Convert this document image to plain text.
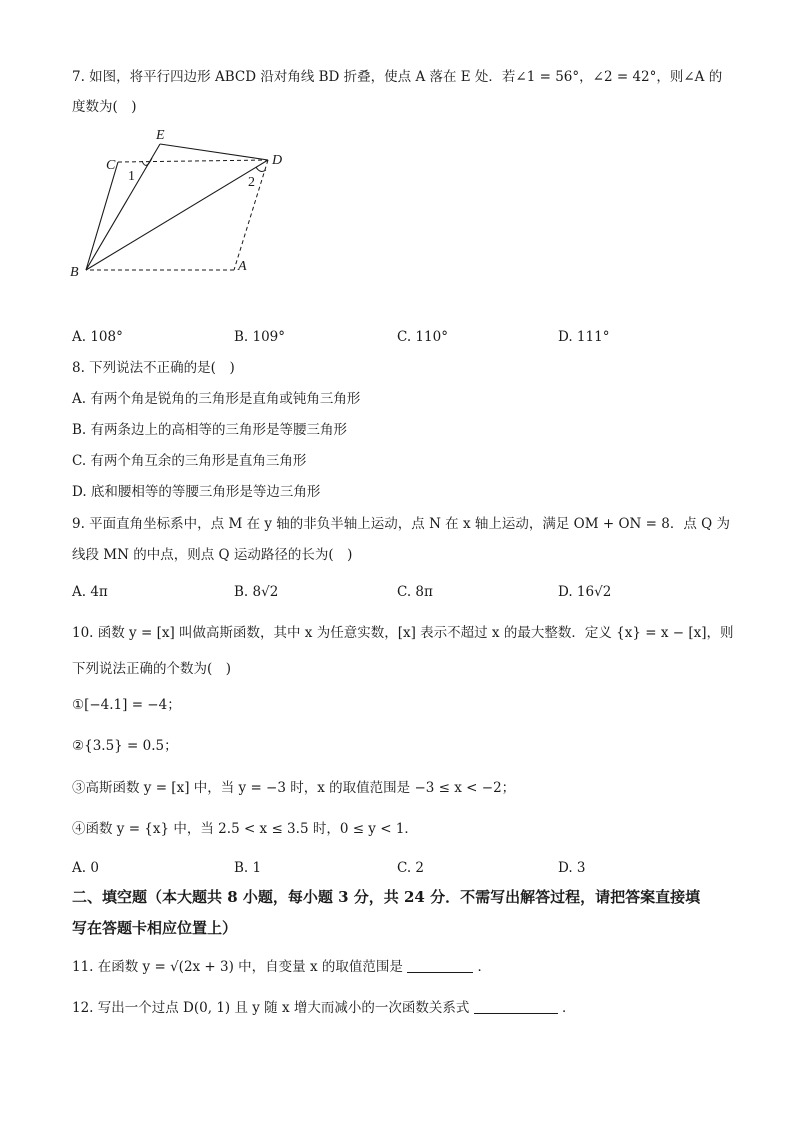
7. 如图，将平行四边形 ABCD 沿对角线 BD 折叠，使点 A 落在 E 处．若∠1 = 56°，∠2 = 42°，则∠A 的
度数为(　)
E
C	D
B	A
1	2
A. 108°	B. 109°	C. 110°	D. 111°
8. 下列说法不正确的是(　)
A. 有两个角是锐角的三角形是直角或钝角三角形
B. 有两条边上的高相等的三角形是等腰三角形
C. 有两个角互余的三角形是直角三角形
D. 底和腰相等的等腰三角形是等边三角形
9. 平面直角坐标系中，点 M 在 y 轴的非负半轴上运动，点 N 在 x 轴上运动，满足 OM + ON = 8．点 Q 为
线段 MN 的中点，则点 Q 运动路径的长为(　)
A. 4π	B. 8√2	C. 8π	D. 16√2
10. 函数 y = [x] 叫做高斯函数，其中 x 为任意实数，[x] 表示不超过 x 的最大整数．定义 {x} = x − [x]，则
下列说法正确的个数为(　)
①[−4.1] = −4；
②{3.5} = 0.5；
③高斯函数 y = [x] 中，当 y = −3 时，x 的取值范围是 −3 ≤ x < −2；
④函数 y = {x} 中，当 2.5 < x ≤ 3.5 时，0 ≤ y < 1．
A. 0	B. 1	C. 2	D. 3
二、填空题（本大题共 8 小题，每小题 3 分，共 24 分．不需写出解答过程，请把答案直接填
写在答题卡相应位置上）
11. 在函数 y = √(2x + 3) 中，自变量 x 的取值范围是	．
12. 写出一个过点 D(0, 1) 且 y 随 x 增大而减小的一次函数关系式	．
